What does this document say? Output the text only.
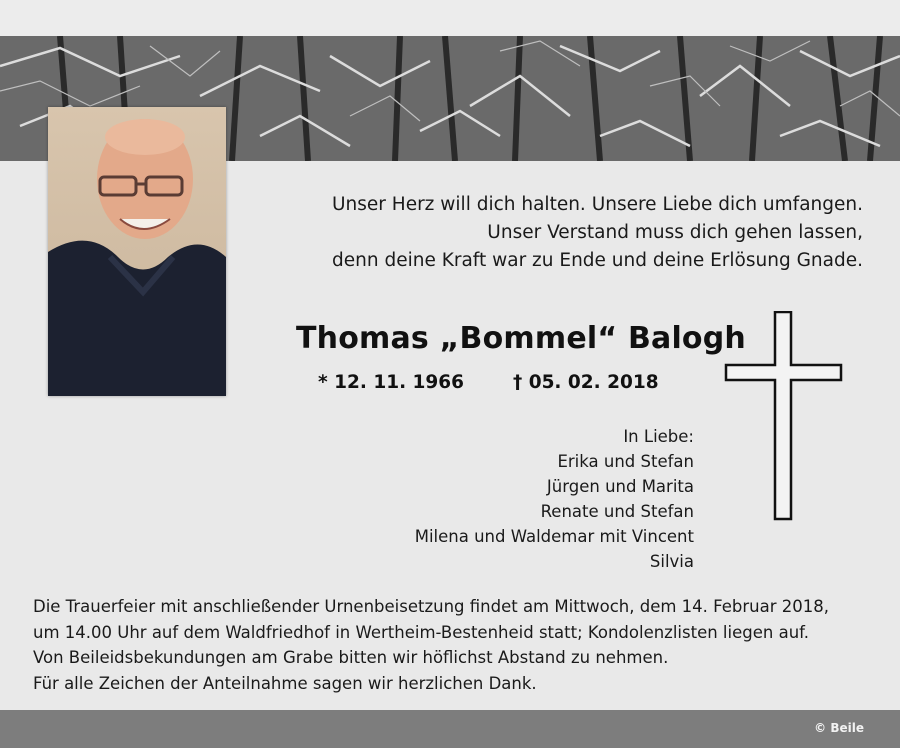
Unser Herz will dich halten. Unsere Liebe dich umfangen.
Unser Verstand muss dich gehen lassen,
denn deine Kraft war zu Ende und deine Erlösung Gnade.
Thomas „Bommel“ Balogh
* 12. 11. 1966	† 05. 02. 2018
In Liebe:
Erika und Stefan
Jürgen und Marita
Renate und Stefan
Milena und Waldemar mit Vincent
Silvia
Die Trauerfeier mit anschließender Urnenbeisetzung findet am Mittwoch, dem 14. Februar 2018,
um 14.00 Uhr auf dem Waldfriedhof in Wertheim-Bestenheid statt; Kondolenzlisten liegen auf.
Von Beileidsbekundungen am Grabe bitten wir höflichst Abstand zu nehmen.
Für alle Zeichen der Anteilnahme sagen wir herzlichen Dank.
© Beile
